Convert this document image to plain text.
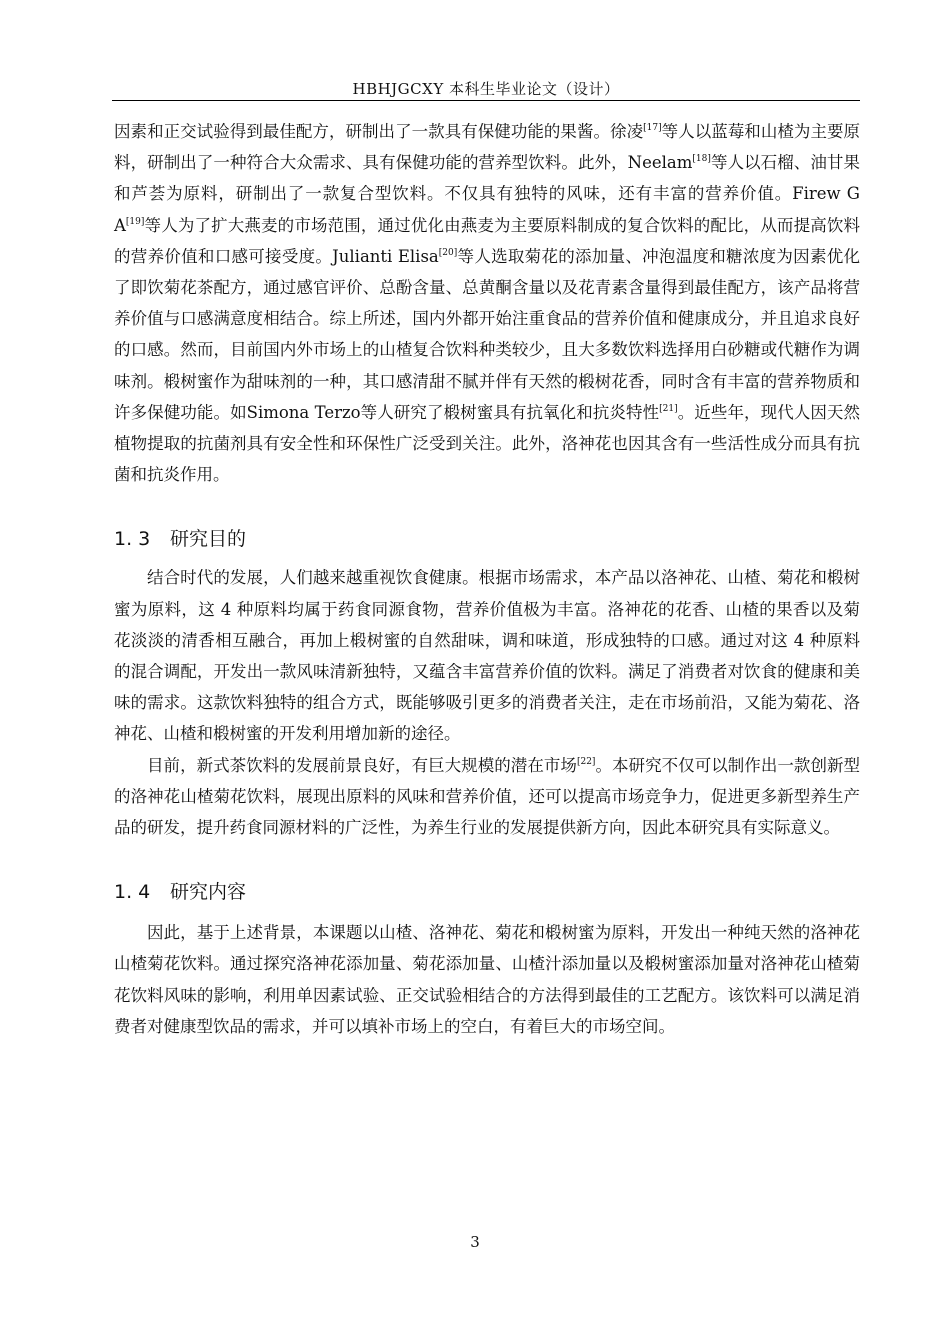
HBHJGCXY 本科生毕业论文（设计）

因素和正交试验得到最佳配方，研制出了一款具有保健功能的果酱。徐凌[17]等人以蓝莓和山楂为主要原料，研制出了一种符合大众需求、具有保健功能的营养型饮料。此外，Neelam[18]等人以石榴、油甘果和芦荟为原料，研制出了一款复合型饮料。不仅具有独特的风味，还有丰富的营养价值。Firew G A[19]等人为了扩大燕麦的市场范围，通过优化由燕麦为主要原料制成的复合饮料的配比，从而提高饮料的营养价值和口感可接受度。Julianti Elisa[20]等人选取菊花的添加量、冲泡温度和糖浓度为因素优化了即饮菊花茶配方，通过感官评价、总酚含量、总黄酮含量以及花青素含量得到最佳配方，该产品将营养价值与口感满意度相结合。综上所述，国内外都开始注重食品的营养价值和健康成分，并且追求良好的口感。然而，目前国内外市场上的山楂复合饮料种类较少，且大多数饮料选择用白砂糖或代糖作为调味剂。椴树蜜作为甜味剂的一种，其口感清甜不腻并伴有天然的椴树花香，同时含有丰富的营养物质和许多保健功能。如Simona Terzo等人研究了椴树蜜具有抗氧化和抗炎特性[21]。近些年，现代人因天然植物提取的抗菌剂具有安全性和环保性广泛受到关注。此外，洛神花也因其含有一些活性成分而具有抗菌和抗炎作用。

1. 3 研究目的

结合时代的发展，人们越来越重视饮食健康。根据市场需求，本产品以洛神花、山楂、菊花和椴树蜜为原料，这 4 种原料均属于药食同源食物，营养价值极为丰富。洛神花的花香、山楂的果香以及菊花淡淡的清香相互融合，再加上椴树蜜的自然甜味，调和味道，形成独特的口感。通过对这 4 种原料的混合调配，开发出一款风味清新独特，又蕴含丰富营养价值的饮料。满足了消费者对饮食的健康和美味的需求。这款饮料独特的组合方式，既能够吸引更多的消费者关注，走在市场前沿，又能为菊花、洛神花、山楂和椴树蜜的开发利用增加新的途径。

目前，新式茶饮料的发展前景良好，有巨大规模的潜在市场[22]。本研究不仅可以制作出一款创新型的洛神花山楂菊花饮料，展现出原料的风味和营养价值，还可以提高市场竞争力，促进更多新型养生产品的研发，提升药食同源材料的广泛性，为养生行业的发展提供新方向，因此本研究具有实际意义。

1. 4 研究内容

因此，基于上述背景，本课题以山楂、洛神花、菊花和椴树蜜为原料，开发出一种纯天然的洛神花山楂菊花饮料。通过探究洛神花添加量、菊花添加量、山楂汁添加量以及椴树蜜添加量对洛神花山楂菊花饮料风味的影响，利用单因素试验、正交试验相结合的方法得到最佳的工艺配方。该饮料可以满足消费者对健康型饮品的需求，并可以填补市场上的空白，有着巨大的市场空间。

3
